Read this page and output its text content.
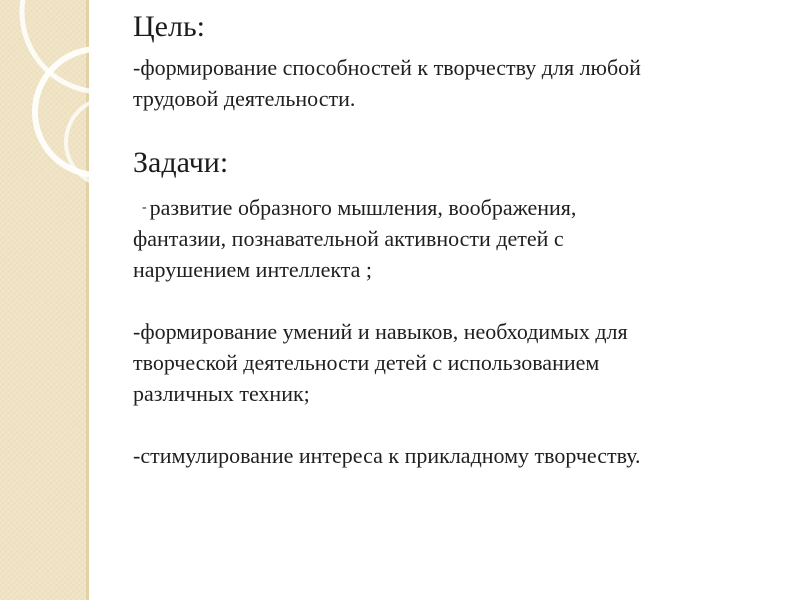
Цель:
-формирование способностей к творчеству для любой
трудовой деятельности.
Задачи:
- развитие образного мышления, воображения,
фантазии, познавательной активности детей с
нарушением интеллекта ;
-формирование умений и навыков, необходимых для
творческой деятельности детей с использованием
различных техник;
-стимулирование интереса к прикладному творчеству.
